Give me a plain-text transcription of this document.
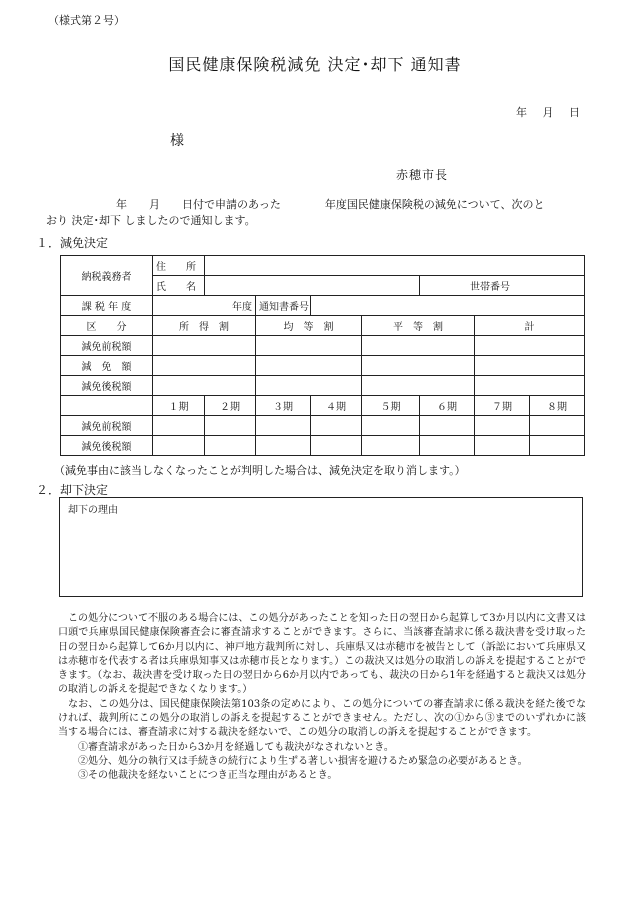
（様式第２号）
国民健康保険税減免 決定･却下 通知書
年 月 日
様
赤穂市長
年　　月　　日付で申請のあった　　　　年度国民健康保険税の減免について、次のと
おり 決定･却下 しましたので通知します。
１．減免決定
納税義務者	住　　所							
	氏　　名					世帯番号		
課 税 年 度		年度	通知書番号					
区　　分	所　得　割		均　等　割		平　等　割		計	
減免前税額								
減　免　額								
減免後税額								
	１期	２期	３期	４期	５期	６期	７期	８期
減免前税額								
減免後税額								
（減免事由に該当しなくなったことが判明した場合は、減免決定を取り消します。）
２．却下決定
却下の理由

この処分について不服のある場合には、この処分があったことを知った日の翌日から起算して3か月以内に文書又は口頭で兵庫県国民健康保険審査会に審査請求することができます。さらに、当該審査請求に係る裁決書を受け取った日の翌日から起算して6か月以内に、神戸地方裁判所に対し、兵庫県又は赤穂市を被告として（訴訟において兵庫県又は赤穂市を代表する者は兵庫県知事又は赤穂市長となります。）この裁決又は処分の取消しの訴えを提起することができます。（なお、裁決書を受け取った日の翌日から6か月以内であっても、裁決の日から1年を経過すると裁決又は処分の取消しの訴えを提起できなくなります。）

なお、この処分は、国民健康保険法第103条の定めにより、この処分についての審査請求に係る裁決を経た後でなければ、裁判所にこの処分の取消しの訴えを提起することができません。ただし、次の①から③までのいずれかに該当する場合には、審査請求に対する裁決を経ないで、この処分の取消しの訴えを提起することができます。

①審査請求があった日から3か月を経過しても裁決がなされないとき。

②処分、処分の執行又は手続きの続行により生ずる著しい損害を避けるため緊急の必要があるとき。

③その他裁決を経ないことにつき正当な理由があるとき。
